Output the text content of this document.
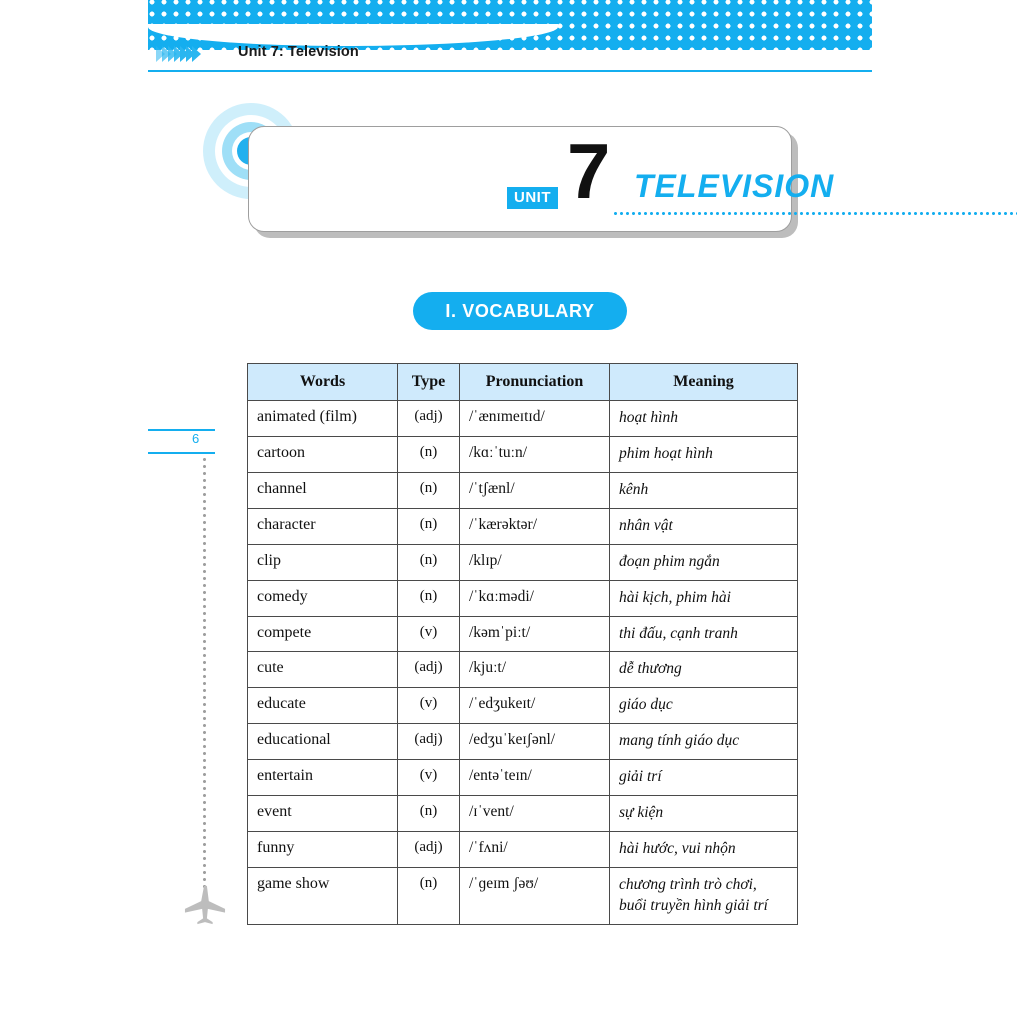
Unit 7: Television
UNIT 7 TELEVISION
I. VOCABULARY
6
Words	Type	Pronunciation	Meaning
animated (film)	(adj)	/ˈænɪmeɪtɪd/	hoạt hình
cartoon	(n)	/kɑːˈtuːn/	phim hoạt hình
channel	(n)	/ˈtʃænl/	kênh
character	(n)	/ˈkærəktər/	nhân vật
clip	(n)	/klɪp/	đoạn phim ngắn
comedy	(n)	/ˈkɑːmədi/	hài kịch, phim hài
compete	(v)	/kəmˈpiːt/	thi đấu, cạnh tranh
cute	(adj)	/kjuːt/	dễ thương
educate	(v)	/ˈedʒukeɪt/	giáo dục
educational	(adj)	/edʒuˈkeɪʃənl/	mang tính giáo dục
entertain	(v)	/entəˈteɪn/	giải trí
event	(n)	/ɪˈvent/	sự kiện
funny	(adj)	/ˈfʌni/	hài hước, vui nhộn
game show	(n)	/ˈɡeɪm ʃəʊ/	chương trình trò chơi, buổi truyền hình giải trí
